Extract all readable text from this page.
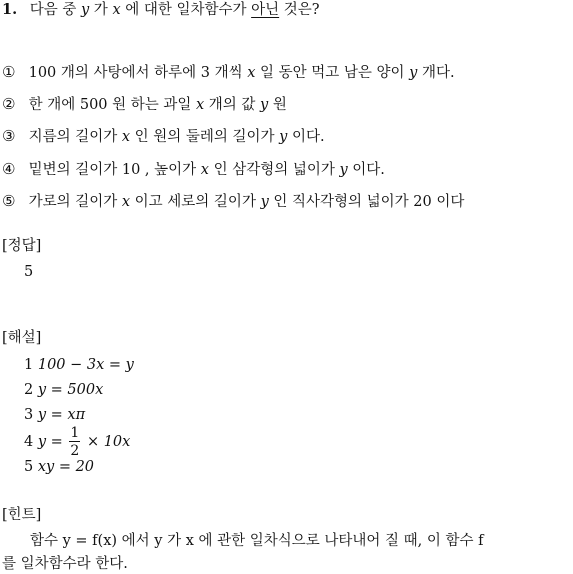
1. 다음 중 y 가 x 에 대한 일차함수가 아닌 것은?
① 100 개의 사탕에서 하루에 3 개씩 x 일 동안 먹고 남은 양이 y 개다.
② 한 개에 500 원 하는 과일 x 개의 값 y 원
③ 지름의 길이가 x 인 원의 둘레의 길이가 y 이다.
④ 밑변의 길이가 10 , 높이가 x 인 삼각형의 넓이가 y 이다.
⑤ 가로의 길이가 x 이고 세로의 길이가 y 인 직사각형의 넓이가 20 이다
[정답]
5
[해설]
1 100 − 3x = y
2 y = 500x
3 y = xπ
4 $y = \frac{1}{2} \times 10x$
5 xy = 20
[힌트]
함수 y = f(x) 에서 y 가 x 에 관한 일차식으로 나타내어 질 때, 이 함수 f
를 일차함수라 한다.
